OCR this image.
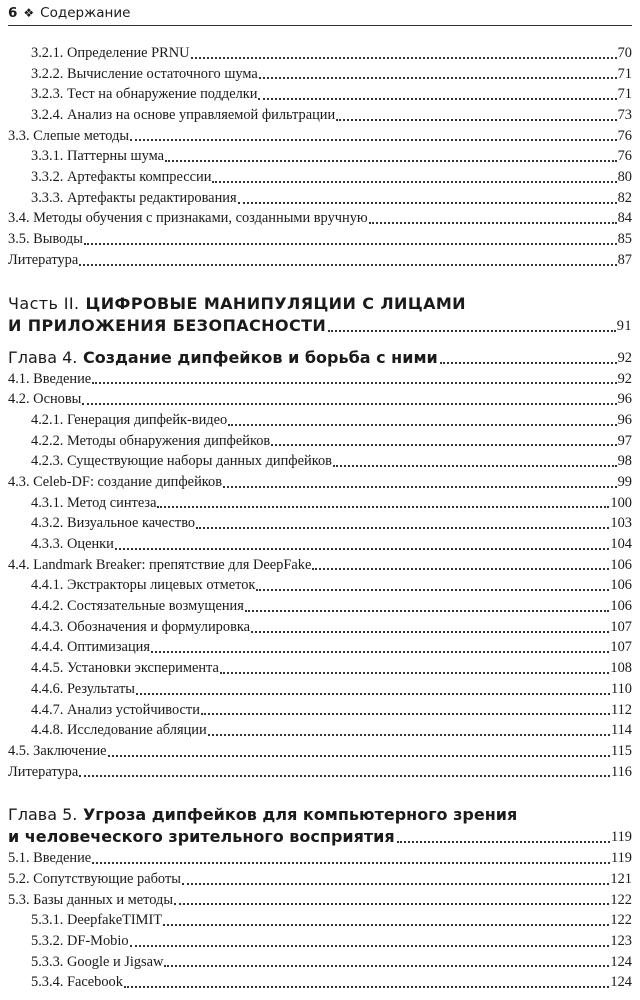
6 ❖ Содержание
3.2.1. Определение PRNU	70
3.2.2. Вычисление остаточного шума	71
3.2.3. Тест на обнаружение подделки	71
3.2.4. Анализ на основе управляемой фильтрации	73
3.3. Слепые методы	76
3.3.1. Паттерны шума	76
3.3.2. Артефакты компрессии	80
3.3.3. Артефакты редактирования	82
3.4. Методы обучения с признаками, созданными вручную	84
3.5. Выводы	85
Литература	87
Часть II. ЦИФРОВЫЕ МАНИПУЛЯЦИИ С ЛИЦАМИ
И ПРИЛОЖЕНИЯ БЕЗОПАСНОСТИ	91
Глава 4. Создание дипфейков и борьба с ними	92
4.1. Введение	92
4.2. Основы	96
4.2.1. Генерация дипфейк-видео	96
4.2.2. Методы обнаружения дипфейков	97
4.2.3. Существующие наборы данных дипфейков	98
4.3. Celeb-DF: создание дипфейков	99
4.3.1. Метод синтеза	100
4.3.2. Визуальное качество	103
4.3.3. Оценки	104
4.4. Landmark Breaker: препятствие для DeepFake	106
4.4.1. Экстракторы лицевых отметок	106
4.4.2. Состязательные возмущения	106
4.4.3. Обозначения и формулировка	107
4.4.4. Оптимизация	107
4.4.5. Установки эксперимента	108
4.4.6. Результаты	110
4.4.7. Анализ устойчивости	112
4.4.8. Исследование абляции	114
4.5. Заключение	115
Литература	116
Глава 5. Угроза дипфейков для компьютерного зрения
и человеческого зрительного восприятия	119
5.1. Введение	119
5.2. Сопутствующие работы	121
5.3. Базы данных и методы	122
5.3.1. DeepfakeTIMIT	122
5.3.2. DF-Mobio	123
5.3.3. Google и Jigsaw	124
5.3.4. Facebook	124
